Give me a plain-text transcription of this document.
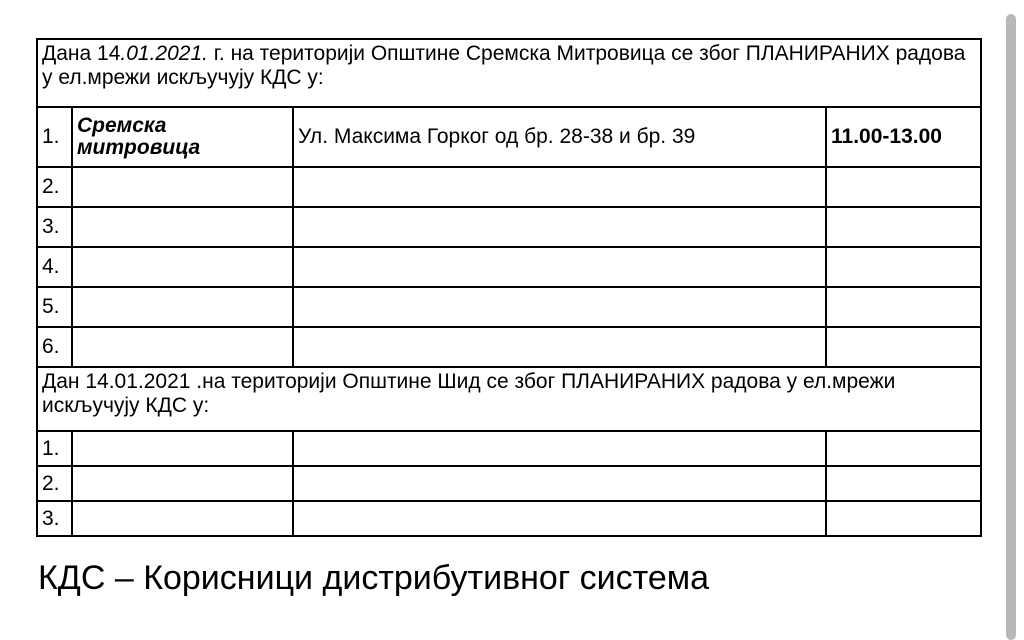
Дана 14.01.2021. г. на територији Општине Сремска Митровица се због ПЛАНИРАНИХ радова у ел.мрежи искључују КДС у:			
1.	Сремска митровица	Ул. Максима Горког од бр. 28-38 и бр. 39	11.00-13.00
2.			
3.			
4.			
5.			
6.			
Дан 14.01.2021 .на територији Општине Шид се због ПЛАНИРАНИХ радова у ел.мрежи искључују КДС у:			
1.			
2.			
3.			
КДС – Корисници дистрибутивног система
